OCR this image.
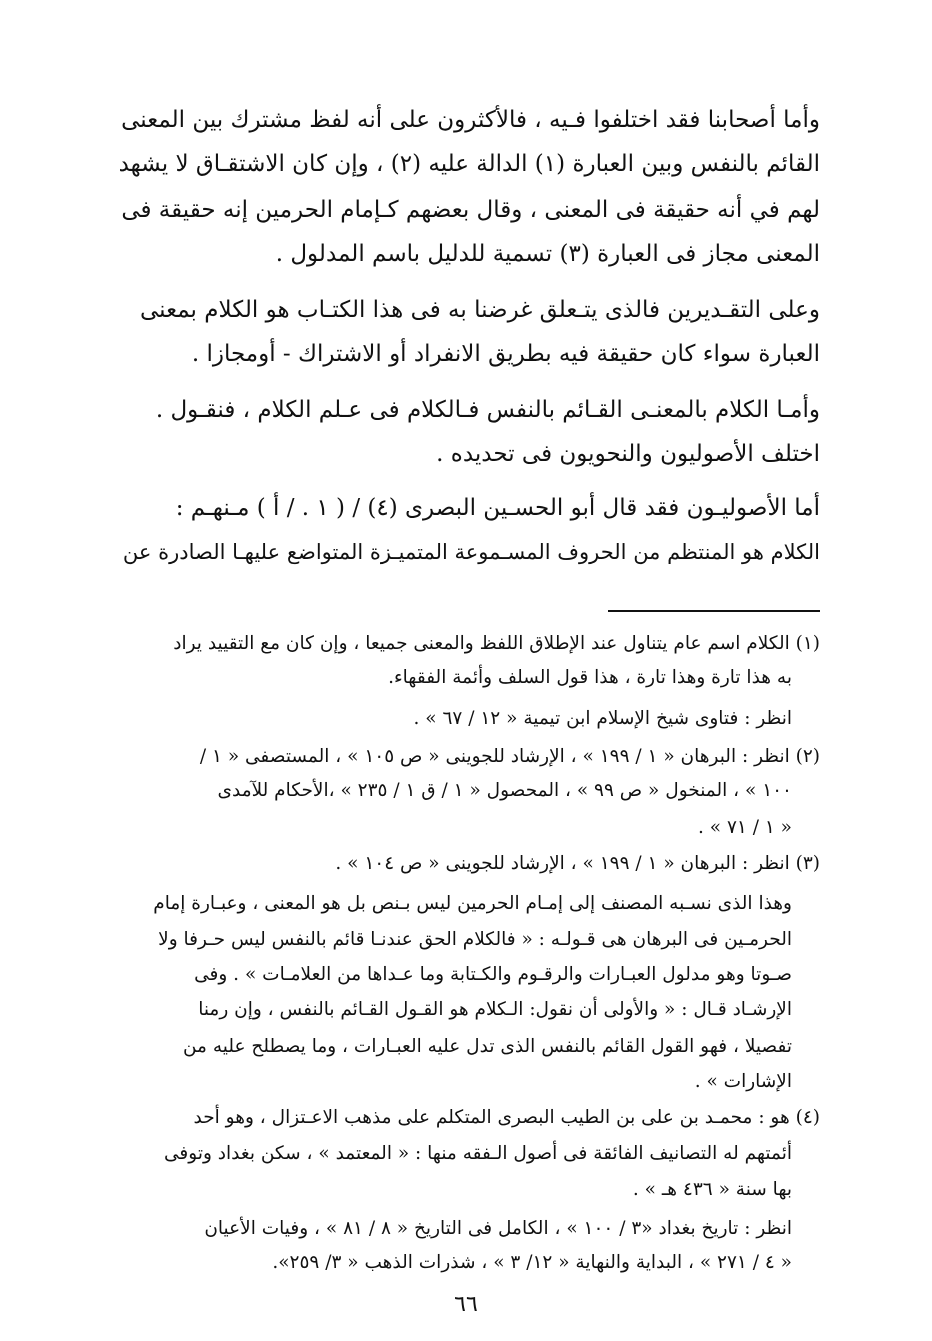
وأما أصحابنا فقد اختلفوا فـيه ، فالأكثرون على أنه لفظ مشترك بين المعنى
القائم بالنفس وبين العبارة (١) الدالة عليه (٢) ، وإن كان الاشتقـاق لا يشهد
لهم في أنه حقيقة فى المعنى ، وقال بعضهم كـإمام الحرمين إنه حقيقة فى
المعنى مجاز فى العبارة (٣) تسمية للدليل باسم المدلول .
وعلى التقـديرين فالذى يتـعلق غرضنا به فى هذا الكتـاب هو الكلام بمعنى
العبارة سواء كان حقيقة فيه بطريق الانفراد أو الاشتراك - أومجازا .
وأمـا الكلام بالمعنـى القـائم بالنفس فـالكلام فى عـلم الكلام ، فنقـول .
اختلف الأصوليون والنحويون فى تحديده .
أما الأصوليـون فقد قال أبو الحسـين البصرى (٤) / ( ١ . / أ ) مـنهـم :
الكلام هو المنتظم من الحروف المسـموعة المتميـزة المتواضع عليهـا الصادرة عن
(١) الكلام اسم عام يتناول عند الإطلاق اللفظ والمعنى جميعا ، وإن كان مع التقييد يراد
به هذا تارة وهذا تارة ، هذا قول السلف وأئمة الفقهاء.
انظر : فتاوى شيخ الإسلام ابن تيمية « ١٢ / ٦٧ » .
(٢) انظر : البرهان « ١ / ١٩٩ » ، الإرشاد للجوينى « ص ١٠٥ » ، المستصفى « ١ /
١٠٠ » ، المنخول « ص ٩٩ » ، المحصول « ١ / ق ١ / ٢٣٥ » ،الأحكام للآمدى
« ١ / ٧١ » .
(٣) انظر : البرهان « ١ / ١٩٩ » ، الإرشاد للجوينى « ص ١٠٤ » .
وهذا الذى نسـبه المصنف إلى إمـام الحرمين ليس بـنص بل هو المعنى ، وعبـارة إمام
الحرمـين فى البرهان هى قـولـه : « فالكلام الحق عندنـا قائم بالنفس ليس حـرفا ولا
صـوتا وهو مدلول العبـارات والرقـوم والكـتابة وما عـداها من العلامـات » . وفى
الإرشـاد قـال : « والأولى أن نقول: الـكلام هو القـول القـائم بالنفس ، وإن رمنا
تفصيلا ، فهو القول القائم بالنفس الذى تدل عليه العبـارات ، وما يصطلح عليه من
الإشارات » .
(٤) هو : محمـد بن على بن الطيب البصرى المتكلم على مذهب الاعـتزال ، وهو أحد
أئمتهم له التصانيف الفائقة فى أصول الـفقه منها : « المعتمد » ، سكن بغداد وتوفى
بها سنة « ٤٣٦ هـ » .
انظر : تاريخ بغداد «٣ / ١٠٠ » ، الكامل فى التاريخ « ٨ / ٨١ » ، وفيات الأعيان
« ٤ / ٢٧١ » ، البداية والنهاية « ١٢/ ٣ » ، شذرات الذهب « ٣/ ٢٥٩».
٦٦
